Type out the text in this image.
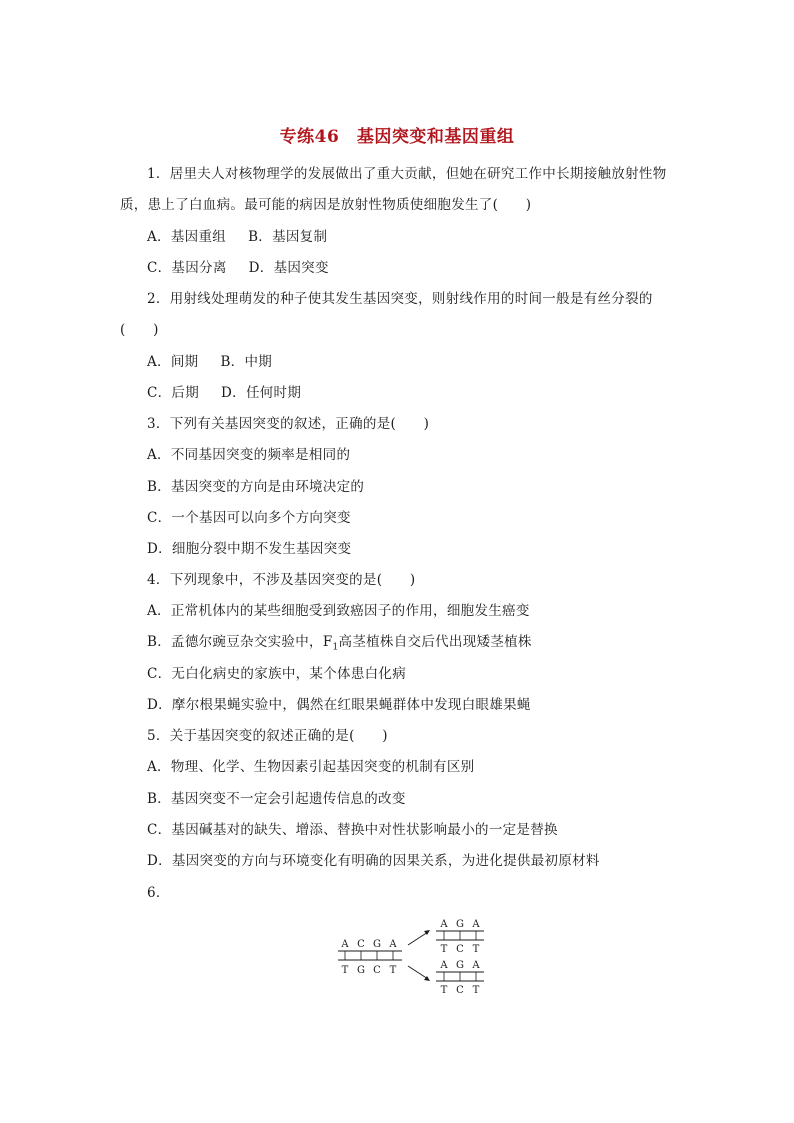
专练46　基因突变和基因重组
1．居里夫人对核物理学的发展做出了重大贡献，但她在研究工作中长期接触放射性物
质，患上了白血病。最可能的病因是放射性物质使细胞发生了(　　)
A．基因重组 B．基因复制
C．基因分离 D．基因突变
2．用射线处理萌发的种子使其发生基因突变，则射线作用的时间一般是有丝分裂的
(　　)
A．间期 B．中期
C．后期 D．任何时期
3．下列有关基因突变的叙述，正确的是(　　)
A．不同基因突变的频率是相同的
B．基因突变的方向是由环境决定的
C．一个基因可以向多个方向突变
D．细胞分裂中期不发生基因突变
4．下列现象中，不涉及基因突变的是(　　)
A．正常机体内的某些细胞受到致癌因子的作用，细胞发生癌变
B．孟德尔豌豆杂交实验中，$F_1$高茎植株自交后代出现矮茎植株
C．无白化病史的家族中，某个体患白化病
D．摩尔根果蝇实验中，偶然在红眼果蝇群体中发现白眼雄果蝇
5．关于基因突变的叙述正确的是(　　)
A．物理、化学、生物因素引起基因突变的机制有区别
B．基因突变不一定会引起遗传信息的改变
C．基因碱基对的缺失、增添、替换中对性状影响最小的一定是替换
D．基因突变的方向与环境变化有明确的因果关系，为进化提供最初原材料
6．
A C G A
T G C T
A G A
T C T
A G A
T C T
